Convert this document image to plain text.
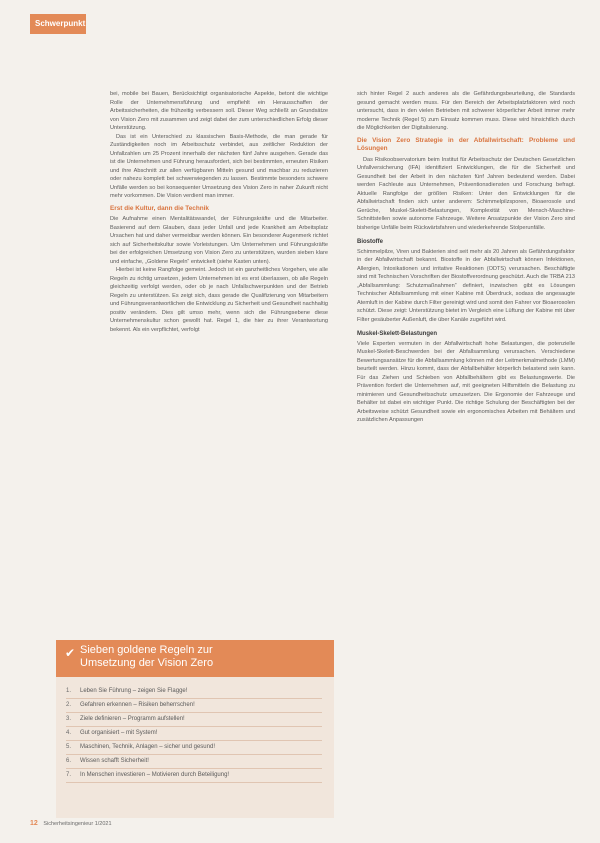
Schwerpunkt

bei, mobile bei Bauen, Berücksichtigt organisatorische Aspekte, betont die wichtige Rolle der Unternehmensführung und empfiehlt ein Herausschaffen der Arbeitssicherheiten, die frühzeitig verbessern soll. Dieser Weg schließt an Grundsätze von Vision Zero mit zusammen und zeigt dabei der zum unterschiedlichen Erfolg dieser Unterstützung.

Das ist ein Unterschied zu klassischen Basis-Methode, die man gerade für Zuständigkeiten noch im Arbeitsschutz verbindet, aus zeitlicher Reduktion der Unfallzahlen um 25 Prozent innerhalb der nächsten fünf Jahre ausgehen. Gerade das ist die Unternehmen und Führung herausfordert, sich bei bestimmten, erneuten Risiken und ihre Abschnitt zur allen verfügbaren Mitteln gesund und machbar zu reduzieren oder nahezu komplett bei schwerwiegenden zu lassen. Bestimmte besonders schwere Unfälle werden so bei konsequenter Umsetzung des Vision Zero in naher Zukunft nicht mehr vorkommen. Die Vision verdient man immer.

Erst die Kultur, dann die Technik

Die Aufnahme einen Mentalitätswandel, der Führungskräfte und die Mitarbeiter. Basierend auf dem Glauben, dass jeder Unfall und jede Krankheit am Arbeitsplatz Ursachen hat und daher vermeidbar werden können. Ein besonderer Augenmerk richtet sich auf Sicherheitskultur sowie Vorleistungen. Um Unternehmen und Führungskräfte bei der erfolgreichen Umsetzung von Vision Zero zu unterstützen, wurden sieben klare und einfache, „Goldene Regeln“ entwickelt (siehe Kasten unten).

Hierbei ist keine Rangfolge gemeint. Jedoch ist ein ganzheitliches Vorgehen, wie alle Regeln zu richtig umsetzen, jedem Unternehmen ist es erst überlassen, ob alle Regeln gleichzeitig verfolgt werden, oder ob je nach Unfallschwerpunkten und der Betrieb Regeln zu unterstützen. Es zeigt sich, dass gerade die Qualifizierung von Mitarbeitern und Führungsverantwortlichen die Entwicklung zu Sicherheit und Gesundheit nachhaltig positiv verändern. Dies gilt umso mehr, wenn sich die Führungsebene diese Unternehmenskultur schon gewollt hat. Regel 1, die hier zu ihrer Verantwortung bekennt. Als ein verpflichtet, verfolgt

sich hinter Regel 2 auch anderes als die Gefährdungsbeurteilung, die Standards gesund gemacht werden muss. Für den Bereich der Arbeitsplatzfaktoren wird noch untersucht, dass in den vielen Betrieben mit schwerer körperlicher Arbeit immer mehr moderne Technik (Regel 5) zum Einsatz kommen muss. Diese wird hinsichtlich durch die Möglichkeiten der Digitalisierung.

Die Vision Zero Strategie in der Abfallwirtschaft: Probleme und Lösungen

Das Risikoobservatorium beim Institut für Arbeitsschutz der Deutschen Gesetzlichen Unfallversicherung (IFA) identifiziert Entwicklungen, die für die Sicherheit und Gesundheit bei der Arbeit in den nächsten fünf Jahren bedeutend werden. Dabei werden Fachleute aus Unternehmen, Präventionsdiensten und Forschung befragt. Aktuelle Rangfolge der größten Risiken: Unter den Entwicklungen für die Abfallwirtschaft finden sich unter anderem: Schimmelpilzsporen, Bioaerosole und Gerüche, Muskel-Skelett-Belastungen, Komplexität von Mensch-Maschine-Schnittstellen sowie autonome Fahrzeuge. Weitere Ansatzpunkte der Vision Zero sind bisherige Unfälle beim Rückwärtsfahren und wiederkehrende Stolperunfälle.

Biostoffe

Schimmelpilze, Viren und Bakterien sind seit mehr als 20 Jahren als Gefährdungsfaktor in der Abfallwirtschaft bekannt. Biostoffe in der Abfallwirtschaft können Infektionen, Allergien, Intoxikationen und irritative Reaktionen (ODTS) verursachen. Beschäftigte sind mit Technischen Vorschriften der Biostoffverordnung geschützt. Auch die TRBA 213 „Abfallsammlung: Schutzmaßnahmen“ definiert, inzwischen gibt es Lösungen Technischer Abfallsammlung mit einer Kabine mit Überdruck, sodass die angesaugte Atemluft in der Kabine durch Filter gereinigt wird und somit den Fahrer vor Bioaerosolen schützt. Diese zeigt: Unterstützung bietet im Vergleich eine Lüftung der Kabine mit über Filter gesäuberter Außenluft, die über Kanäle zugeführt wird.

Muskel-Skelett-Belastungen

Viele Experten vermuten in der Abfallwirtschaft hohe Belastungen, die potenzielle Muskel-Skelett-Beschwerden bei der Abfallsammlung verursachen. Verschiedene Bewertungsansätze für die Abfallsammlung können mit der Leitmerkmalmethode (LMM) beurteilt werden. Hinzu kommt, dass der Abfallbehälter körperlich belastend sein kann. Für das Ziehen und Schieben von Abfallbehältern gibt es Belastungswerte. Die Prävention fordert die Unternehmen auf, mit geeigneten Hilfsmitteln die Belastung zu minimieren und Gesundheitsschutz umzusetzen. Die Ergonomie der Fahrzeuge und Behälter ist dabei ein wichtiger Punkt. Die richtige Schulung der Beschäftigten bei der Arbeitsweise schützt Gesundheit sowie ein ergonomisches Arbeiten mit Behältern und zusätzlichen Anpassungen

✔ Sieben goldene Regeln zur
Umsetzung der Vision Zero
1.	Leben Sie Führung – zeigen Sie Flagge!
2.	Gefahren erkennen – Risiken beherrschen!
3.	Ziele definieren – Programm aufstellen!
4.	Gut organisiert – mit System!
5.	Maschinen, Technik, Anlagen – sicher und gesund!
6.	Wissen schafft Sicherheit!
7.	In Menschen investieren – Motivieren durch Beteiligung!
12 Sicherheitsingenieur 1/2021
